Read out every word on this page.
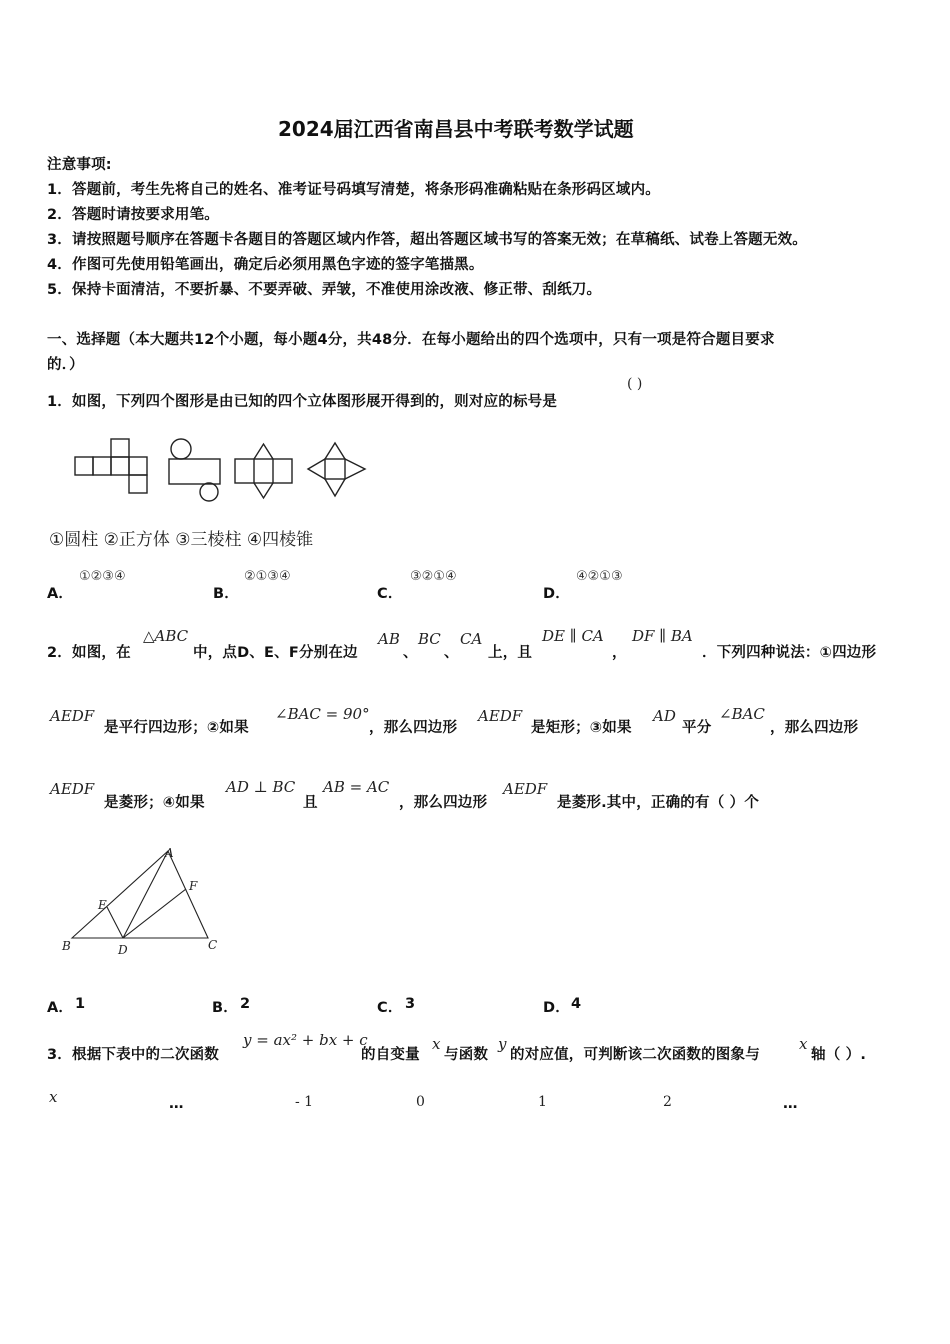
2024届江西省南昌县中考联考数学试题
注意事项:
1．答题前，考生先将自己的姓名、准考证号码填写清楚，将条形码准确粘贴在条形码区域内。
2．答题时请按要求用笔。
3．请按照题号顺序在答题卡各题目的答题区域内作答，超出答题区域书写的答案无效；在草稿纸、试卷上答题无效。
4．作图可先使用铅笔画出，确定后必须用黑色字迹的签字笔描黑。
5．保持卡面清洁，不要折暴、不要弄破、弄皱，不准使用涂改液、修正带、刮纸刀。
一、选择题（本大题共12个小题，每小题4分，共48分．在每小题给出的四个选项中，只有一项是符合题目要求
的．）
1．如图，下列四个图形是由已知的四个立体图形展开得到的，则对应的标号是
( )
①圆柱 ②正方体 ③三棱柱 ④四棱锥
A．
①②③④
B．
②①③④
C．
③②①④
D．
④②①③
2．如图，在
△ABC
中，点D、E、F分别在边
AB
、
BC
、
CA
上，且
DE ∥ CA
，
DF ∥ BA
．下列四种说法：①四边形
AEDF
是平行四边形；②如果
∠BAC = 90°
，那么四边形
AEDF
是矩形；③如果
AD
平分
∠BAC
，那么四边形
AEDF
是菱形；④如果
AD ⊥ BC
且
AB = AC
，那么四边形
AEDF
是菱形.其中，正确的有（ ）个
A
B	C
D
E
F
A． 1	B． 2	C． 3	D． 4
3．根据下表中的二次函数
y = ax² + bx + c
的自变量
x
与函数
y
的对应值，可判断该二次函数的图象与
x
轴（ ）.
x	…	- 1	0	1	2	…
